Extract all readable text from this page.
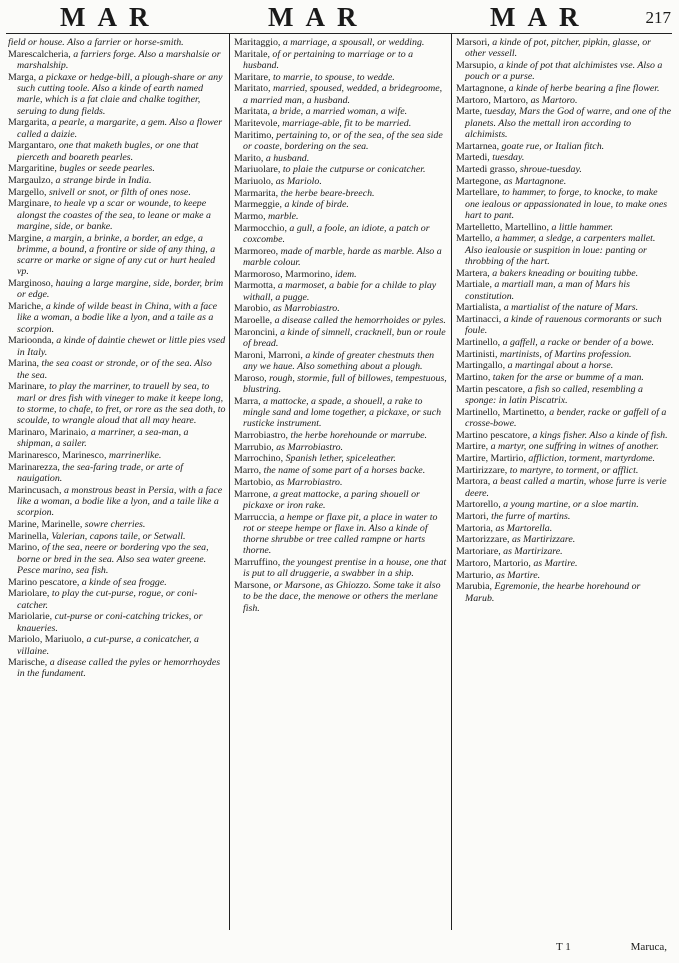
MAR	MAR	MAR	217
field or house. Also a farrier or horse-smith.
Marescalcheria, a farriers forge. Also a marshalsie or marshalship.
Marga, a pickaxe or hedge-bill, a plough-share or any such cutting toole. Also a kinde of earth named marle, which is a fat claie and chalke togither, seruing to dung fields.
Margarita, a pearle, a margarite, a gem. Also a flower called a daizie.
Margantaro, one that maketh bugles, or one that pierceth and boareth pearles.
Margaritine, bugles or seede pearles.
Margaulzo, a strange birde in India.
Margello, snivell or snot, or filth of ones nose.
Marginare, to heale vp a scar or wounde, to keepe alongst the coastes of the sea, to leane or make a margine, side, or banke.
Margine, a margin, a brinke, a border, an edge, a brimme, a bound, a frontire or side of any thing, a scarre or marke or signe of any cut or hurt healed vp.
Marginoso, hauing a large margine, side, border, brim or edge.
Mariche, a kinde of wilde beast in China, with a face like a woman, a bodie like a lyon, and a taile as a scorpion.
Marioonda, a kinde of daintie chewet or little pies vsed in Italy.
Marina, the sea coast or stronde, or of the sea. Also the sea.
Marinare, to play the marriner, to trauell by sea, to marl or dres fish with vineger to make it keepe long, to storme, to chafe, to fret, or rore as the sea doth, to scoulde, to wrangle aloud that all may heare.
Marinaro, Marinaio, a marriner, a sea-man, a shipman, a sailer.
Marinaresco, Marinesco, marrinerlike.
Marinarezza, the sea-faring trade, or arte of nauigation.
Marincusach, a monstrous beast in Persia, with a face like a woman, a bodie like a lyon, and a taile like a scorpion.
Marine, Marinelle, sowre cherries.
Marinella, Valerian, capons taile, or Setwall.
Marino, of the sea, neere or bordering vpo the sea, borne or bred in the sea. Also sea water greene. Pesce marino, sea fish.
Marino pescatore, a kinde of sea frogge.
Mariolare, to play the cut-purse, rogue, or coni-catcher.
Mariolarie, cut-purse or coni-catching trickes, or knaueries.
Mariolo, Mariuolo, a cut-purse, a conicatcher, a villaine.
Marische, a disease called the pyles or hemorrhoydes in the fundament.
Maritaggio, a marriage, a spousall, or wedding.
Maritale, of or pertaining to marriage or to a husband.
Maritare, to marrie, to spouse, to wedde.
Maritato, married, spoused, wedded, a bridegroome, a married man, a husband.
Maritata, a bride, a married woman, a wife.
Maritevole, marriage-able, fit to be married.
Maritimo, pertaining to, or of the sea, of the sea side or coaste, bordering on the sea.
Marito, a husband.
Mariuolare, to plaie the cutpurse or conicatcher.
Mariuolo, as Mariolo.
Marmarita, the herbe beare-breech.
Marmeggie, a kinde of birde.
Marmo, marble.
Marmocchio, a gull, a foole, an idiote, a patch or coxcombe.
Marmoreo, made of marble, harde as marble. Also a marble colour.
Marmoroso, Marmorino, idem.
Marmotta, a marmoset, a babie for a childe to play withall, a pugge.
Marobio, as Marrobiastro.
Maroelle, a disease called the hemorrhoides or pyles.
Maroncini, a kinde of simnell, cracknell, bun or roule of bread.
Maroni, Marroni, a kinde of greater chestnuts then any we haue. Also something about a plough.
Maroso, rough, stormie, full of billowes, tempestuous, blustring.
Marra, a mattocke, a spade, a shouell, a rake to mingle sand and lome together, a pickaxe, or such rusticke instrument.
Marrobiastro, the herbe horehounde or marrube.
Marrubio, as Marrobiastro.
Marrochino, Spanish lether, spiceleather.
Marro, the name of some part of a horses backe.
Martobio, as Marrobiastro.
Marrone, a great mattocke, a paring shouell or pickaxe or iron rake.
Marruccia, a hempe or flaxe pit, a place in water to rot or steepe hempe or flaxe in. Also a kinde of thorne shrubbe or tree called rampne or harts thorne.
Marruffino, the youngest prentise in a house, one that is put to all druggerie, a swabber in a ship.
Marsone, or Marsone, as Ghiozzo. Some take it also to be the dace, the menowe or others the merlane fish.
Marsori, a kinde of pot, pitcher, pipkin, glasse, or other vessell.
Marsupio, a kinde of pot that alchimistes vse. Also a pouch or a purse.
Martagnone, a kinde of herbe bearing a fine flower.
Martoro, Martoro, as Martoro.
Marte, tuesday, Mars the God of warre, and one of the planets. Also the mettall iron according to alchimists.
Martarnea, goate rue, or Italian fitch.
Martedi, tuesday.
Martedi grasso, shroue-tuesday.
Martegone, as Martagnone.
Martellare, to hammer, to forge, to knocke, to make one iealous or appassionated in loue, to make ones hart to pant.
Martelletto, Martellino, a little hammer.
Martello, a hammer, a sledge, a carpenters mallet. Also iealousie or suspition in loue: panting or throbbing of the hart.
Martera, a bakers kneading or bouiting tubbe.
Martiale, a martiall man, a man of Mars his constitution.
Martialista, a martialist of the nature of Mars.
Martinacci, a kinde of rauenous cormorants or such foule.
Martinello, a gaffell, a racke or bender of a bowe.
Martinisti, martinists, of Martins profession.
Martingallo, a martingal about a horse.
Martino, taken for the arse or bumme of a man.
Martin pescatore, a fish so called, resembling a sponge: in latin Piscatrix.
Martinello, Martinetto, a bender, racke or gaffell of a crosse-bowe.
Martino pescatore, a kings fisher. Also a kinde of fish.
Martire, a martyr, one suffring in witnes of another.
Martire, Martirio, affliction, torment, martyrdome.
Martirizzare, to martyre, to torment, or afflict.
Martora, a beast called a martin, whose furre is verie deere.
Martorello, a young martine, or a sloe martin.
Martori, the furre of martins.
Martoria, as Martorella.
Martorizzare, as Martirizzare.
Martoriare, as Martirizare.
Martoro, Martorio, as Martire.
Marturio, as Martire.
Marubia, Egremonie, the hearbe horehound or Marub.
T 1	Maruca,
